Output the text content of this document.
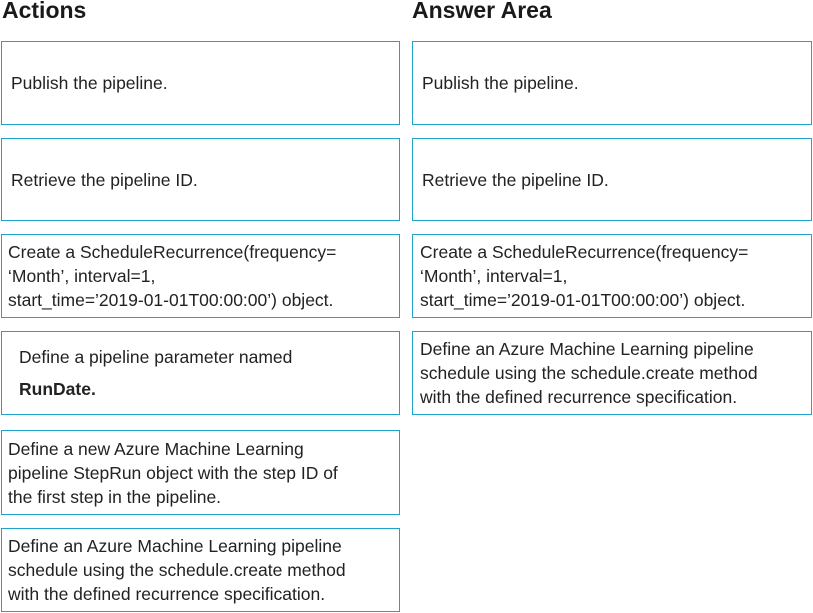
Actions	Answer Area
Publish the pipeline.
Retrieve the pipeline ID.
Create a ScheduleRecurrence(frequency=
‘Month’, interval=1,
start_time=’2019-01-01T00:00:00’) object.

Define a pipeline parameter named

RunDate.

Define a new Azure Machine Learning
pipeline StepRun object with the step ID of
the first step in the pipeline.
Define an Azure Machine Learning pipeline
schedule using the schedule.create method
with the defined recurrence specification.
Publish the pipeline.
Retrieve the pipeline ID.
Create a ScheduleRecurrence(frequency=
‘Month’, interval=1,
start_time=’2019-01-01T00:00:00’) object.
Define an Azure Machine Learning pipeline
schedule using the schedule.create method
with the defined recurrence specification.
